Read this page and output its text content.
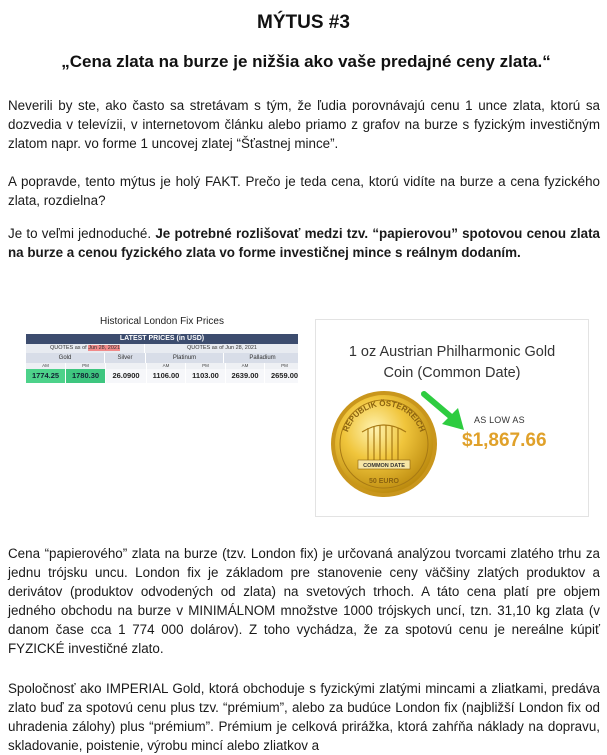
MÝTUS #3
„Cena zlata na burze je nižšia ako vaše predajné ceny zlata.“

Neverili by ste, ako často sa stretávam s tým, že ľudia porovnávajú cenu 1 unce zlata, ktorú sa dozvedia v televízii, v internetovom článku alebo priamo z grafov na burze s fyzickým investičným zlatom napr. vo forme 1 uncovej zlatej “Šťastnej mince”.

A popravde, tento mýtus je holý FAKT. Prečo je teda cena, ktorú vidíte na burze a cena fyzického zlata, rozdielna?

Je to veľmi jednoduché. Je potrebné rozlišovať medzi tzv. “papierovou” spotovou cenou zlata na burze a cenou fyzického zlata vo forme investičnej mince s reálnym dodaním.

Historical London Fix Prices
LATEST PRICES (in USD)
QUOTES as of Jun 28, 2021	QUOTES as of Jun 28, 2021
Gold	Silver	Platinum	Palladium
AM	PM	AM	PM	AM	PM
1774.25	1780.30	26.0900	1106.00	1103.00	2639.00	2659.00
1 oz Austrian Philharmonic Gold
Coin (Common Date)
REPUBLIK ÖSTERREICH
COMMON DATE
50 EURO
AS LOW AS
$1,867.66

Cena “papierového” zlata na burze (tzv. London fix) je určovaná analýzou tvorcami zlatého trhu za jednu trójsku uncu. London fix je základom pre stanovenie ceny väčšiny zlatých produktov a derivátov (produktov odvodených od zlata) na svetových trhoch. A táto cena platí pre objem jedného obchodu na burze v MINIMÁLNOM množstve 1000 trójskych uncí, tzn. 31,10 kg zlata (v danom čase cca 1 774 000 dolárov). Z toho vychádza, že za spotovú cenu je nereálne kúpiť FYZICKÉ investičné zlato.

Spoločnosť ako IMPERIAL Gold, ktorá obchoduje s fyzickými zlatými mincami a zliatkami, predáva zlato buď za spotovú cenu plus tzv. “prémium”, alebo za budúce London fix (najbližší London fix od uhradenia zálohy) plus “prémium”. Prémium je celková prirážka, ktorá zahŕňa náklady na dopravu, skladovanie, poistenie, výrobu mincí alebo zliatkov a
